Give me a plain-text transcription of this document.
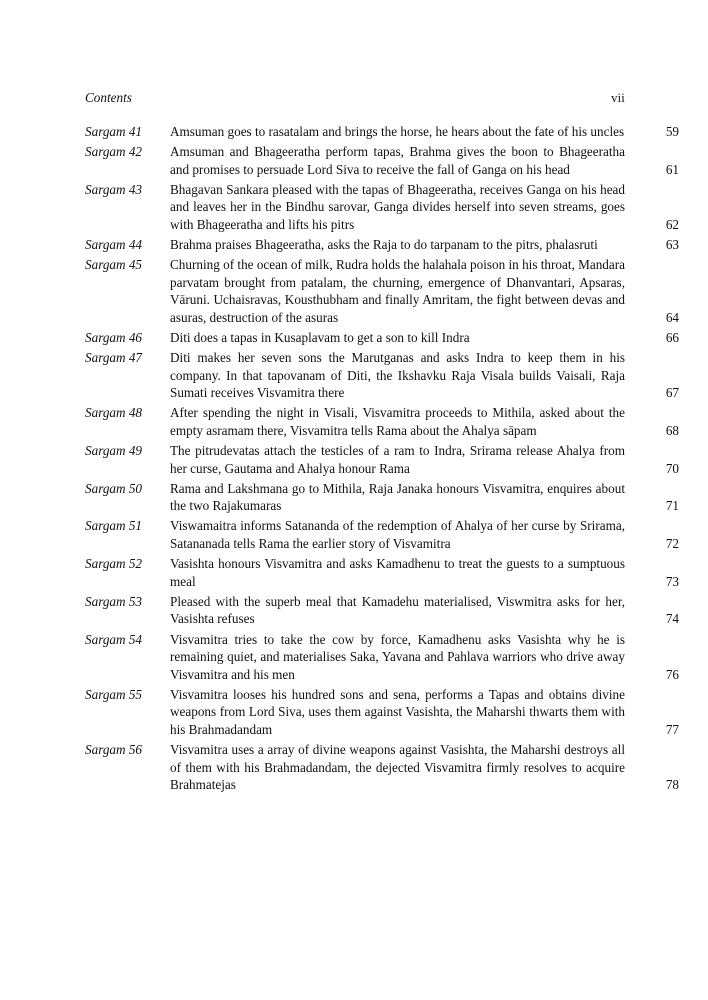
Contents	vii
Sargam 41	Amsuman goes to rasatalam and brings the horse, he hears about the fate of his uncles	59
Sargam 42	Amsuman and Bhageeratha perform tapas, Brahma gives the boon to Bhageeratha and promises to persuade Lord Siva to receive the fall of Ganga on his head	61
Sargam 43	Bhagavan Sankara pleased with the tapas of Bhageeratha, receives Ganga on his head and leaves her in the Bindhu sarovar, Ganga divides herself into seven streams, goes with Bhageeratha and lifts his pitrs	62
Sargam 44	Brahma praises Bhageeratha, asks the Raja to do tarpanam to the pitrs, phalasruti	63
Sargam 45	Churning of the ocean of milk, Rudra holds the halahala poison in his throat, Mandara parvatam brought from patalam, the churning, emergence of Dhanvantari, Apsaras, Vāruni. Uchaisravas, Kousthubham and finally Amritam, the fight between devas and asuras, destruction of the asuras	64
Sargam 46	Diti does a tapas in Kusaplavam to get a son to kill Indra	66
Sargam 47	Diti makes her seven sons the Marutganas and asks Indra to keep them in his company. In that tapovanam of Diti, the Ikshavku Raja Visala builds Vaisali, Raja Sumati receives Visvamitra there	67
Sargam 48	After spending the night in Visali, Visvamitra proceeds to Mithila, asked about the empty asramam there, Visvamitra tells Rama about the Ahalya sāpam	68
Sargam 49	The pitrudevatas attach the testicles of a ram to Indra, Srirama release Ahalya from her curse, Gautama and Ahalya honour Rama	70
Sargam 50	Rama and Lakshmana go to Mithila, Raja Janaka honours Visvamitra, enquires about the two Rajakumaras	71
Sargam 51	Viswamaitra informs Satananda of the redemption of Ahalya of her curse by Srirama, Satananada tells Rama the earlier story of Visvamitra	72
Sargam 52	Vasishta honours Visvamitra and asks Kamadhenu to treat the guests to a sumptuous meal	73
Sargam 53	Pleased with the superb meal that Kamadehu materialised, Viswmitra asks for her, Vasishta refuses	74
Sargam 54	Visvamitra tries to take the cow by force, Kamadhenu asks Vasishta why he is remaining quiet, and materialises Saka, Yavana and Pahlava warriors who drive away Visvamitra and his men	76
Sargam 55	Visvamitra looses his hundred sons and sena, performs a Tapas and obtains divine weapons from Lord Siva, uses them against Vasishta, the Maharshi thwarts them with his Brahmadandam	77
Sargam 56	Visvamitra uses a array of divine weapons against Vasishta, the Maharshi destroys all of them with his Brahmadandam, the dejected Visvamitra firmly resolves to acquire Brahmatejas	78
